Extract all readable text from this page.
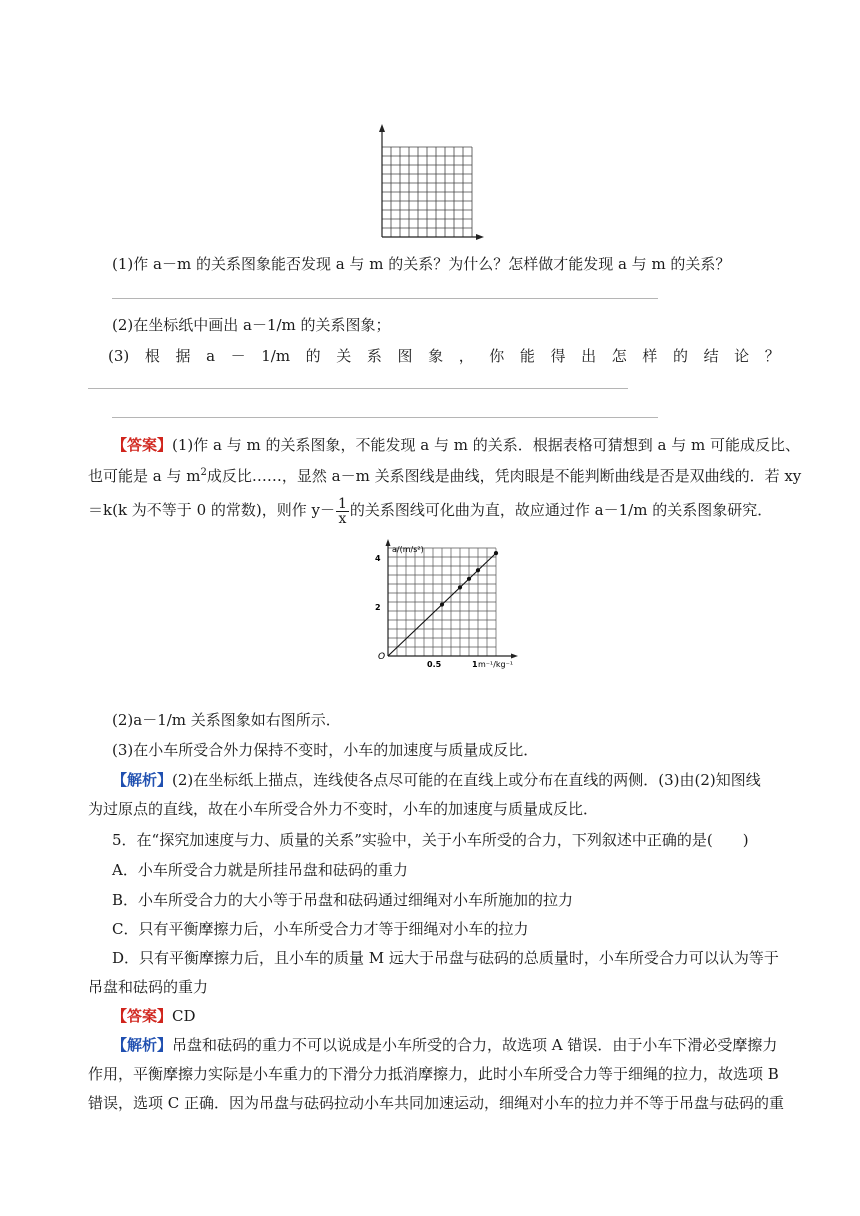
(1)作 a－m 的关系图象能否发现 a 与 m 的关系？为什么？怎样做才能发现 a 与 m 的关系？
(2)在坐标纸中画出 a－1/m 的关系图象；
(3) 根 据 a － 1/m 的 关 系 图 象 ， 你 能 得 出 怎 样 的 结 论 ？
【答案】(1)作 a 与 m 的关系图象，不能发现 a 与 m 的关系．根据表格可猜想到 a 与 m 可能成反比、
也可能是 a 与 $m^2$成反比……，显然 a－m 关系图线是曲线，凭肉眼是不能判断曲线是否是双曲线的．若 xy
＝k(k 为不等于 0 的常数)，则作 $y- \frac{1}{x}$ 的关系图线可化曲为直，故应通过作 a－1/m 的关系图象研究．
0.5	1
2
4
a/(m/s²)
m⁻¹/kg⁻¹
O
(2)a－1/m 关系图象如右图所示．
(3)在小车所受合外力保持不变时，小车的加速度与质量成反比．
【解析】(2)在坐标纸上描点，连线使各点尽可能的在直线上或分布在直线的两侧．(3)由(2)知图线
为过原点的直线，故在小车所受合外力不变时，小车的加速度与质量成反比．
5．在“探究加速度与力、质量的关系”实验中，关于小车所受的合力，下列叙述中正确的是(　　)
A．小车所受合力就是所挂吊盘和砝码的重力
B．小车所受合力的大小等于吊盘和砝码通过细绳对小车所施加的拉力
C．只有平衡摩擦力后，小车所受合力才等于细绳对小车的拉力
D．只有平衡摩擦力后，且小车的质量 M 远大于吊盘与砝码的总质量时，小车所受合力可以认为等于
吊盘和砝码的重力
【答案】CD
【解析】吊盘和砝码的重力不可以说成是小车所受的合力，故选项 A 错误．由于小车下滑必受摩擦力
作用，平衡摩擦力实际是小车重力的下滑分力抵消摩擦力，此时小车所受合力等于细绳的拉力，故选项 B
错误，选项 C 正确．因为吊盘与砝码拉动小车共同加速运动，细绳对小车的拉力并不等于吊盘与砝码的重
